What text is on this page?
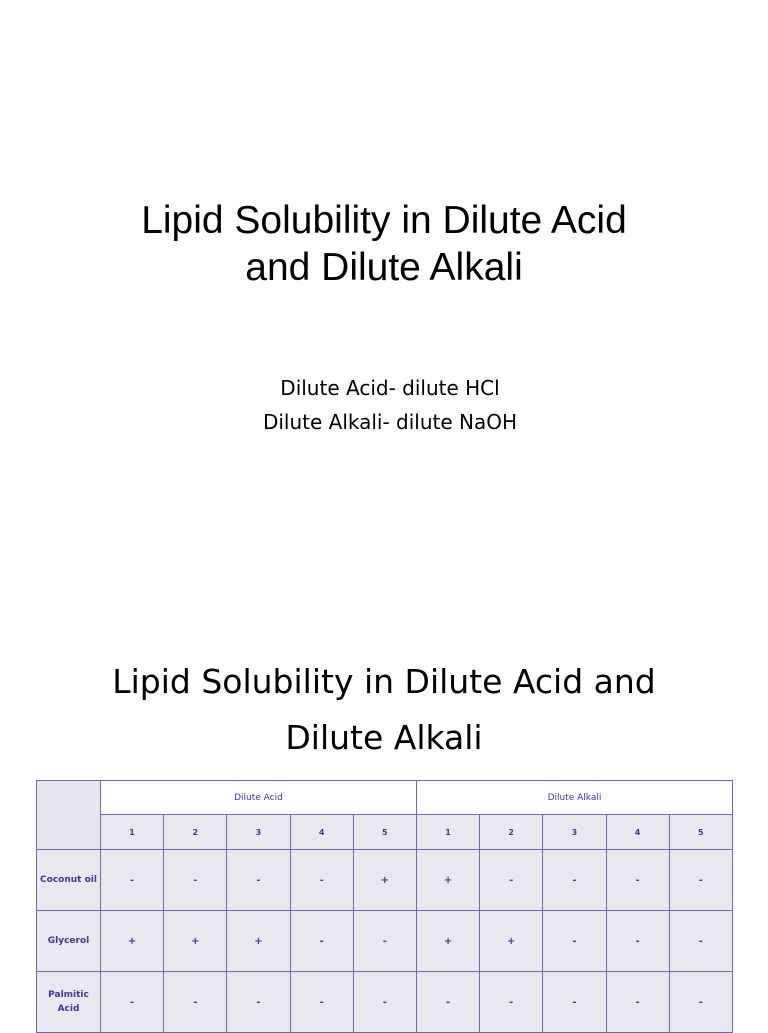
Lipid Solubility in Dilute Acid
and Dilute Alkali
Dilute Acid- dilute HCl
Dilute Alkali- dilute NaOH
Lipid Solubility in Dilute Acid and
Dilute Alkali
	Dilute Acid					Dilute Alkali				
	1	2	3	4	5	1	2	3	4	5
Coconut oil	-	-	-	-	+	+	-	-	-	-
Glycerol	+	+	+	-	-	+	+	-	-	-
Palmitic Acid	-	-	-	-	-	-	-	-	-	-
